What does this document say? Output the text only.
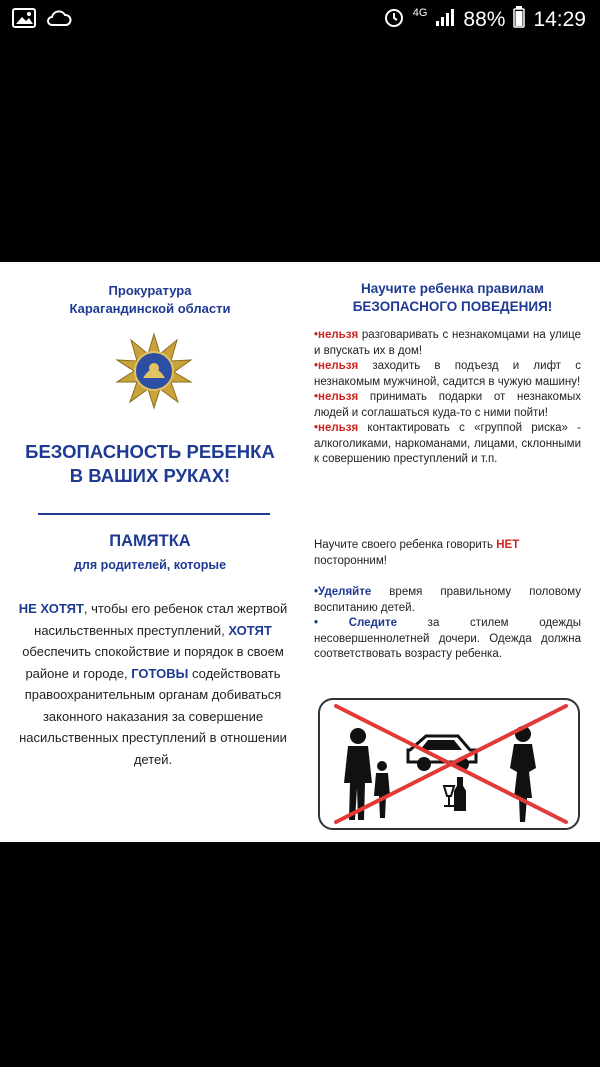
4G 88% 14:29
Прокуратура
Карагандинской области
БЕЗОПАСНОСТЬ РЕБЕНКА
В ВАШИХ РУКАХ!
ПАМЯТКА
для родителей, которые
НЕ ХОТЯТ, чтобы его ребенок стал жертвой насильственных преступлений, ХОТЯТ обеспечить спокойствие и порядок в своем районе и городе, ГОТОВЫ содействовать правоохранительным органам добиваться законного наказания за совершение насильственных преступлений в отношении детей.
Научите ребенка правилам
БЕЗОПАСНОГО ПОВЕДЕНИЯ!

•нельзя разговаривать с незнакомцами на улице и впускать их в дом!

•нельзя заходить в подъезд и лифт с незнакомым мужчиной, садится в чужую машину!

•нельзя принимать подарки от незнакомых людей и соглашаться куда-то с ними пойти!

•нельзя контактировать с «группой риска» - алкоголиками, наркоманами, лицами, склонными к совершению преступлений и т.п.

Научите своего ребенка говорить НЕТ посторонним!

•Уделяйте время правильному половому воспитанию детей.

• Следите за стилем одежды несовершеннолетней дочери. Одежда должна соответствовать возрасту ребенка.
